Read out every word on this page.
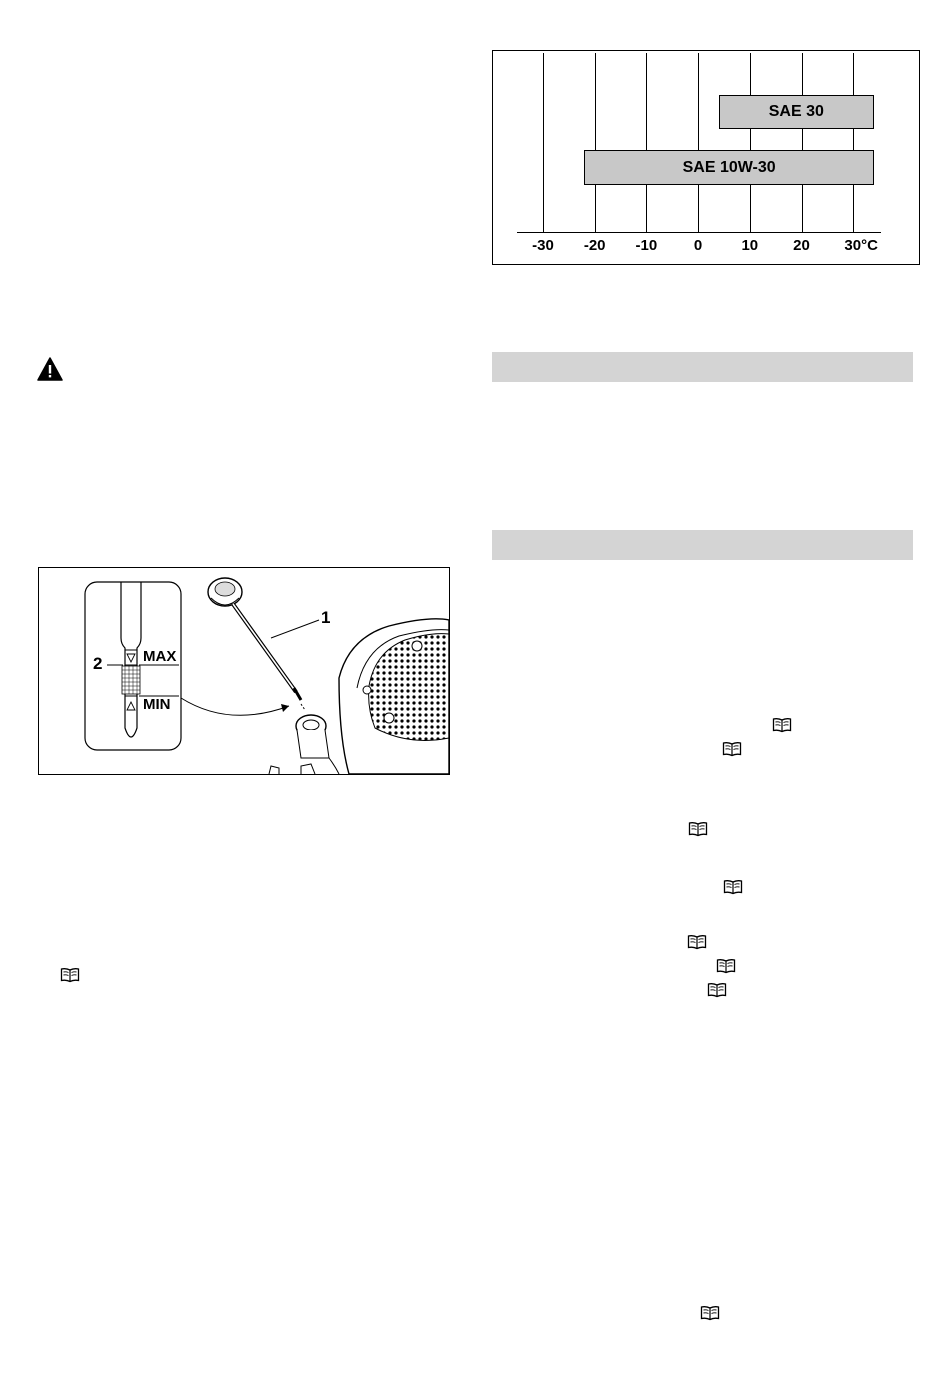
1
2	MAX
MIN
-30 -20 -10 0	10 20 30°C
SAE 30
SAE 10W-30
